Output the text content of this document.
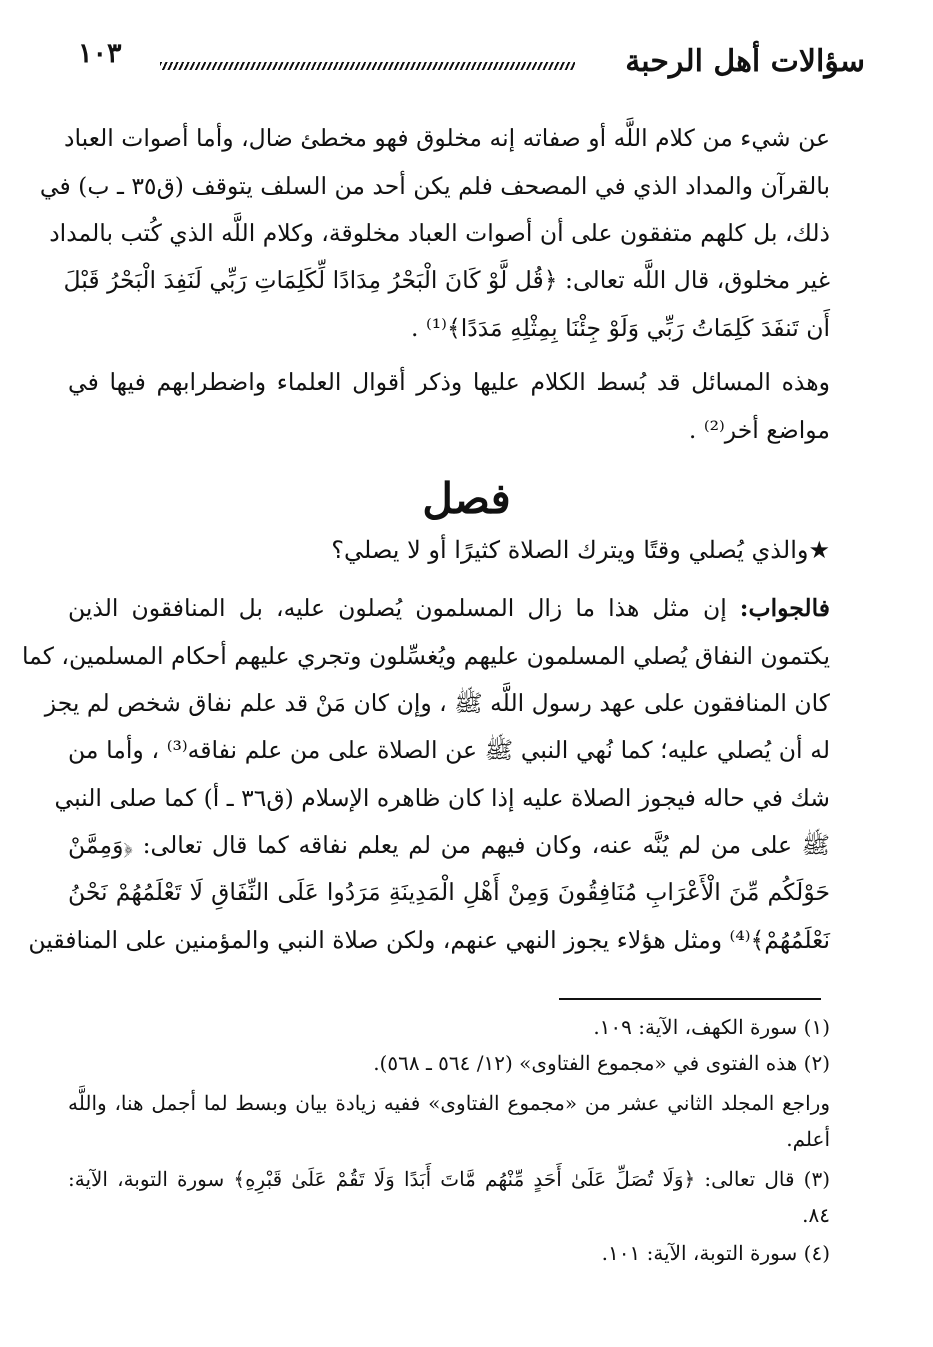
١٠٣	سؤالات أهل الرحبة
عن شيء من كلام اللَّه أو صفاته إنه مخلوق فهو مخطئ ضال، وأما أصوات العباد
بالقرآن والمداد الذي في المصحف فلم يكن أحد من السلف يتوقف (ق٣٥ ـ ب) في
ذلك، بل كلهم متفقون على أن أصوات العباد مخلوقة، وكلام اللَّه الذي كُتب بالمداد
غير مخلوق، قال اللَّه تعالى: ﴿قُل لَّوْ كَانَ الْبَحْرُ مِدَادًا لِّكَلِمَاتِ رَبِّي لَنَفِدَ الْبَحْرُ قَبْلَ
أَن تَنفَدَ كَلِمَاتُ رَبِّي وَلَوْ جِئْنَا بِمِثْلِهِ مَدَدًا﴾⁽¹⁾ .
وهذه المسائل قد بُسط الكلام عليها وذكر أقوال العلماء واضطرابهم فيها في
مواضع أخر⁽²⁾ .
فصل
★والذي يُصلي وقتًا ويترك الصلاة كثيرًا أو لا يصلي؟
فالجواب: إن مثل هذا ما زال المسلمون يُصلون عليه، بل المنافقون الذين
يكتمون النفاق يُصلي المسلمون عليهم ويُغسِّلون وتجري عليهم أحكام المسلمين، كما
كان المنافقون على عهد رسول اللَّه ﷺ ، وإن كان مَنْ قد علم نفاق شخص لم يجز
له أن يُصلي عليه؛ كما نُهي النبي ﷺ عن الصلاة على من علم نفاقه⁽³⁾ ، وأما من
شك في حاله فيجوز الصلاة عليه إذا كان ظاهره الإسلام (ق٣٦ ـ أ) كما صلى النبي
ﷺ على من لم يُنَّه عنه، وكان فيهم من لم يعلم نفاقه كما قال تعالى: ﴿وَمِمَّنْ
حَوْلَكُم مِّنَ الْأَعْرَابِ مُنَافِقُونَ وَمِنْ أَهْلِ الْمَدِينَةِ مَرَدُوا عَلَى النِّفَاقِ لَا تَعْلَمُهُمْ نَحْنُ
نَعْلَمُهُمْ﴾⁽⁴⁾ ومثل هؤلاء يجوز النهي عنهم، ولكن صلاة النبي والمؤمنين على المنافقين
(١) سورة الكهف، الآية: ١٠٩.
(٢) هذه الفتوى في «مجموع الفتاوى» (١٢/ ٥٦٤ ـ ٥٦٨).
وراجع المجلد الثاني عشر من «مجموع الفتاوى» ففيه زيادة بيان وبسط لما أجمل هنا، واللَّه
أعلم.
(٣) قال تعالى: ﴿وَلَا تُصَلِّ عَلَىٰ أَحَدٍ مِّنْهُم مَّاتَ أَبَدًا وَلَا تَقُمْ عَلَىٰ قَبْرِهِ﴾ سورة التوبة، الآية:
٨٤.
(٤) سورة التوبة، الآية: ١٠١.
